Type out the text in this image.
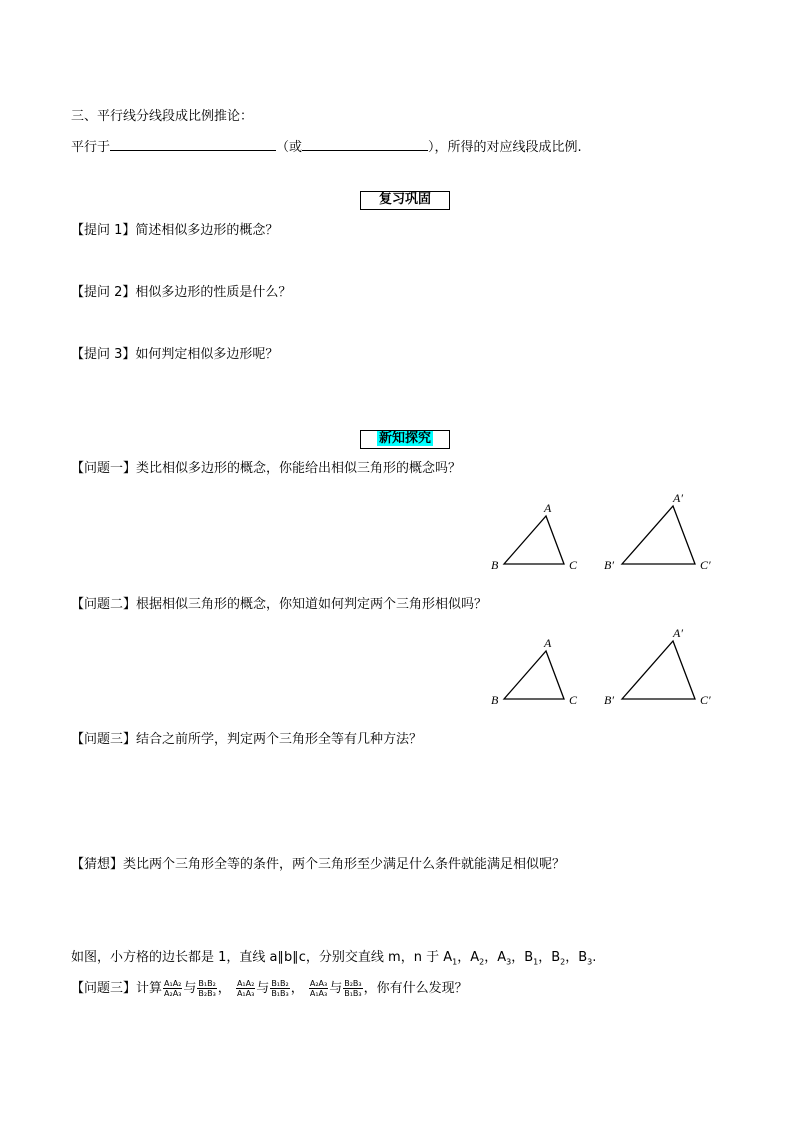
三、平行线分线段成比例推论：
平行于	（或	），所得的对应线段成比例.
复习巩固
【提问 1】简述相似多边形的概念？
【提问 2】相似多边形的性质是什么？
【提问 3】如何判定相似多边形呢？
新知探究
【问题一】类比相似多边形的概念，你能给出相似三角形的概念吗？
A
B	C
A′
B′	C′
【问题二】根据相似三角形的概念，你知道如何判定两个三角形相似吗？
A
B	C
A′
B′	C′
【问题三】结合之前所学，判定两个三角形全等有几种方法？
【猜想】类比两个三角形全等的条件，两个三角形至少满足什么条件就能满足相似呢？
如图，小方格的边长都是 1，直线 a∥b∥c，分别交直线 m，n 于 $A_1$，$A_2$，$A_3$，$B_1$，$B_2$，$B_3$.
【问题三】计算 $\frac{\text{A₁A₂}}{\text{A₂A₃}}$ 与 $\frac{\text{B₁B₂}}{\text{B₂B₃}}$ ， $\frac{\text{A₁A₂}}{\text{A₁A₃}}$ 与 $\frac{\text{B₁B₂}}{\text{B₁B₃}}$ ， $\frac{\text{A₂A₃}}{\text{A₁A₃}}$ 与 $\frac{\text{B₂B₃}}{\text{B₁B₃}}$ ，你有什么发现？
